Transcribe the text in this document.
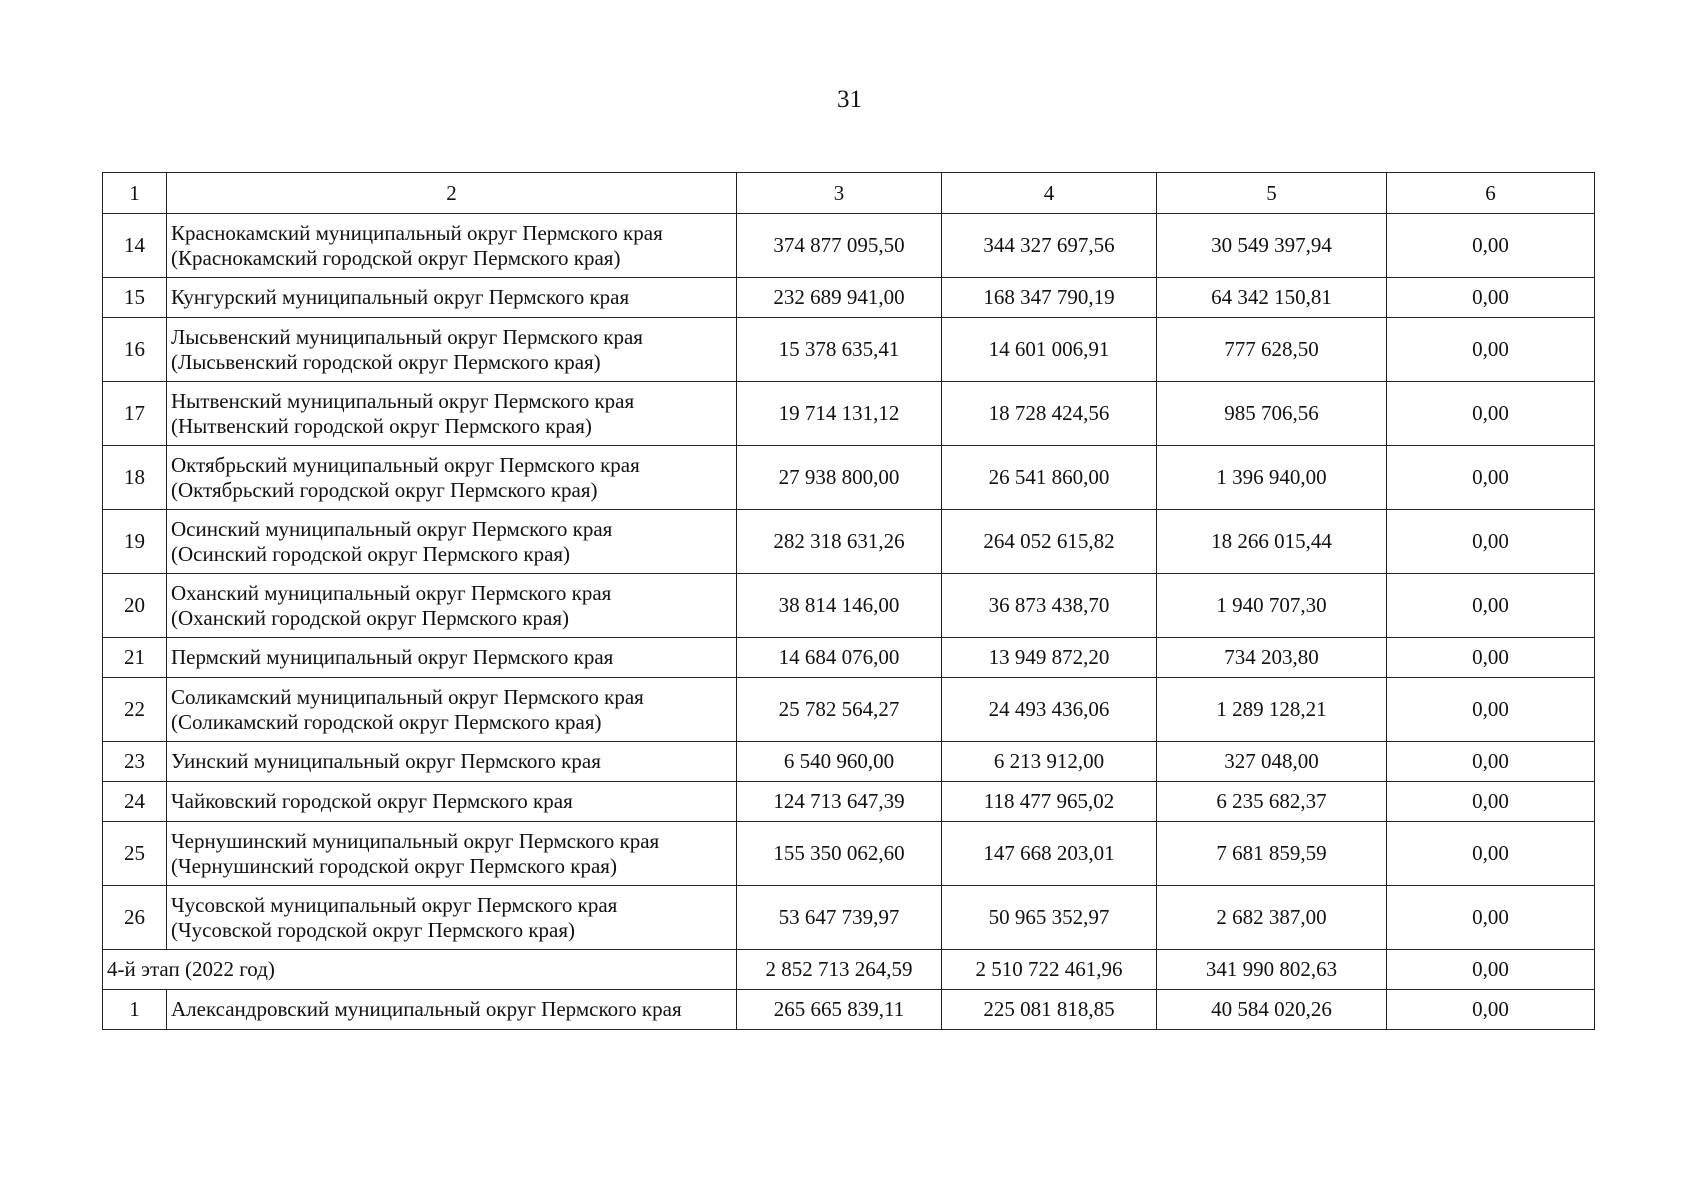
31
1	2	3	4	5	6
14	Краснокамский муниципальный округ Пермского края
(Краснокамский городской округ Пермского края)	374 877 095,50	344 327 697,56	30 549 397,94	0,00
15	Кунгурский муниципальный округ Пермского края	232 689 941,00	168 347 790,19	64 342 150,81	0,00
16	Лысьвенский муниципальный округ Пермского края
(Лысьвенский городской округ Пермского края)	15 378 635,41	14 601 006,91	777 628,50	0,00
17	Нытвенский муниципальный округ Пермского края
(Нытвенский городской округ Пермского края)	19 714 131,12	18 728 424,56	985 706,56	0,00
18	Октябрьский муниципальный округ Пермского края
(Октябрьский городской округ Пермского края)	27 938 800,00	26 541 860,00	1 396 940,00	0,00
19	Осинский муниципальный округ Пермского края
(Осинский городской округ Пермского края)	282 318 631,26	264 052 615,82	18 266 015,44	0,00
20	Оханский муниципальный округ Пермского края
(Оханский городской округ Пермского края)	38 814 146,00	36 873 438,70	1 940 707,30	0,00
21	Пермский муниципальный округ Пермского края	14 684 076,00	13 949 872,20	734 203,80	0,00
22	Соликамский муниципальный округ Пермского края
(Соликамский городской округ Пермского края)	25 782 564,27	24 493 436,06	1 289 128,21	0,00
23	Уинский муниципальный округ Пермского края	6 540 960,00	6 213 912,00	327 048,00	0,00
24	Чайковский городской округ Пермского края	124 713 647,39	118 477 965,02	6 235 682,37	0,00
25	Чернушинский муниципальный округ Пермского края
(Чернушинский городской округ Пермского края)	155 350 062,60	147 668 203,01	7 681 859,59	0,00
26	Чусовской муниципальный округ Пермского края
(Чусовской городской округ Пермского края)	53 647 739,97	50 965 352,97	2 682 387,00	0,00
4-й этап (2022 год)		2 852 713 264,59	2 510 722 461,96	341 990 802,63	0,00
1	Александровский муниципальный округ Пермского края	265 665 839,11	225 081 818,85	40 584 020,26	0,00
